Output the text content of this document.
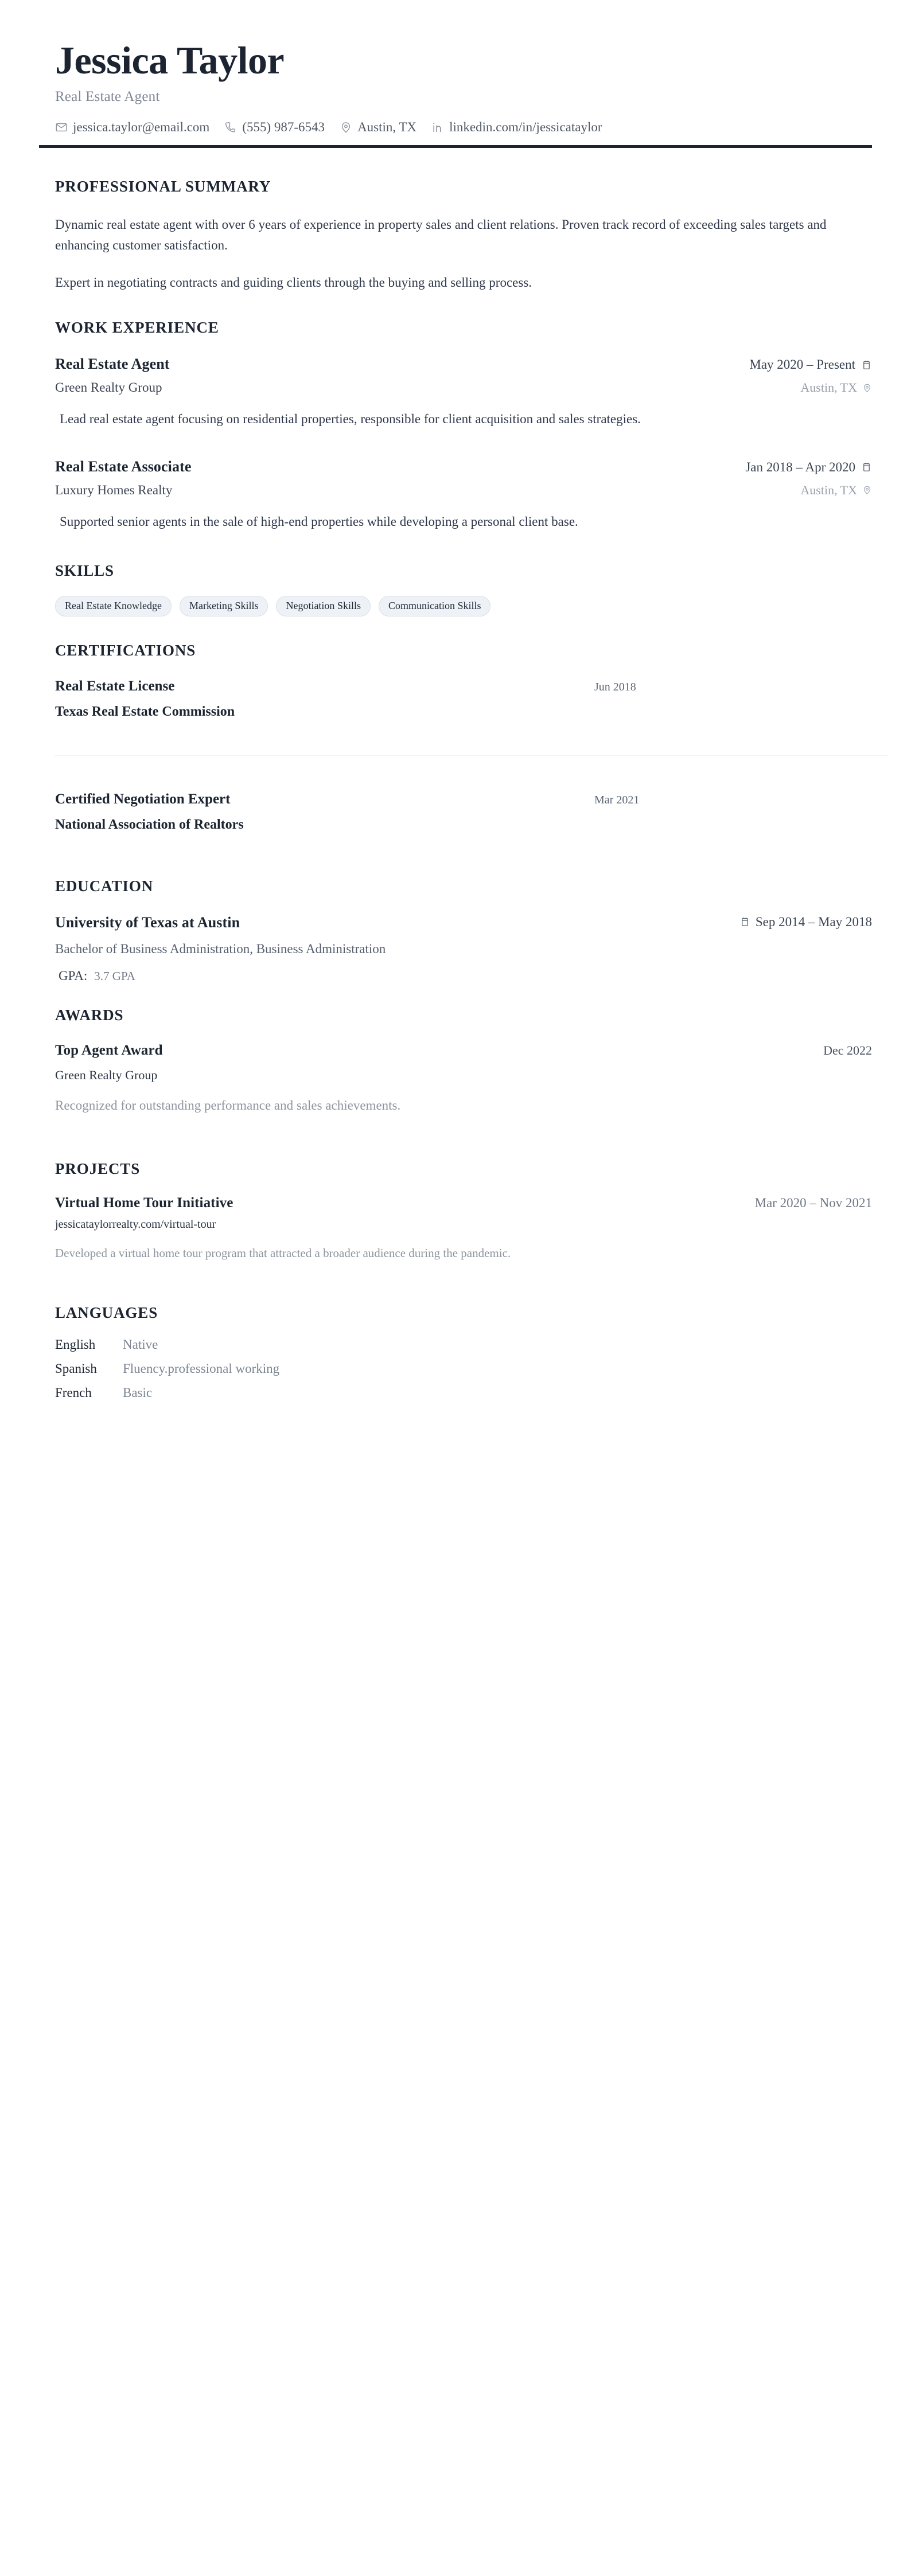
Jessica Taylor
Real Estate Agent
jessica.taylor@email.com (555) 987-6543 Austin, TX linkedin.com/in/jessicataylor
PROFESSIONAL SUMMARY

Dynamic real estate agent with over 6 years of experience in property sales and client relations. Proven track record of exceeding sales targets and enhancing customer satisfaction.

Expert in negotiating contracts and guiding clients through the buying and selling process.

WORK EXPERIENCE
Real Estate Agent	May 2020 – Present
Green Realty Group	Austin, TX
Lead real estate agent focusing on residential properties, responsible for client acquisition and sales strategies.
Real Estate Associate	Jan 2018 – Apr 2020
Luxury Homes Realty	Austin, TX
Supported senior agents in the sale of high-end properties while developing a personal client base.
SKILLS
Real Estate Knowledge	Marketing Skills	Negotiation Skills	Communication Skills
CERTIFICATIONS
Real Estate License	Jun 2018
Texas Real Estate Commission
Certified Negotiation Expert	Mar 2021
National Association of Realtors
EDUCATION
University of Texas at Austin	Sep 2014 – May 2018
Bachelor of Business Administration, Business Administration
GPA: 3.7 GPA
AWARDS
Top Agent Award	Dec 2022
Green Realty Group
Recognized for outstanding performance and sales achievements.
PROJECTS
Virtual Home Tour Initiative	Mar 2020 – Nov 2021
jessicataylorrealty.com/virtual-tour
Developed a virtual home tour program that attracted a broader audience during the pandemic.
LANGUAGES
English	Native
Spanish	Fluency.professional working
French	Basic
